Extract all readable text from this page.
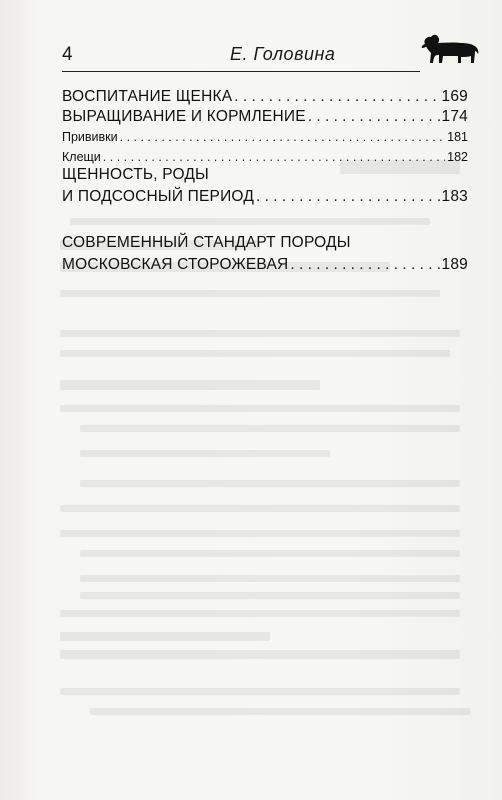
4	Е. Головина
ВОСПИТАНИЕ ЩЕНКА . . .	169
ВЫРАЩИВАНИЕ И КОРМЛЕНИЕ . . .	174
Прививки . . .	181
Клещи . . .	182
ЩЕННОСТЬ, РОДЫ
И ПОДСОСНЫЙ ПЕРИОД . . .	183
СОВРЕМЕННЫЙ СТАНДАРТ ПОРОДЫ
МОСКОВСКАЯ СТОРОЖЕВАЯ . . .	189
